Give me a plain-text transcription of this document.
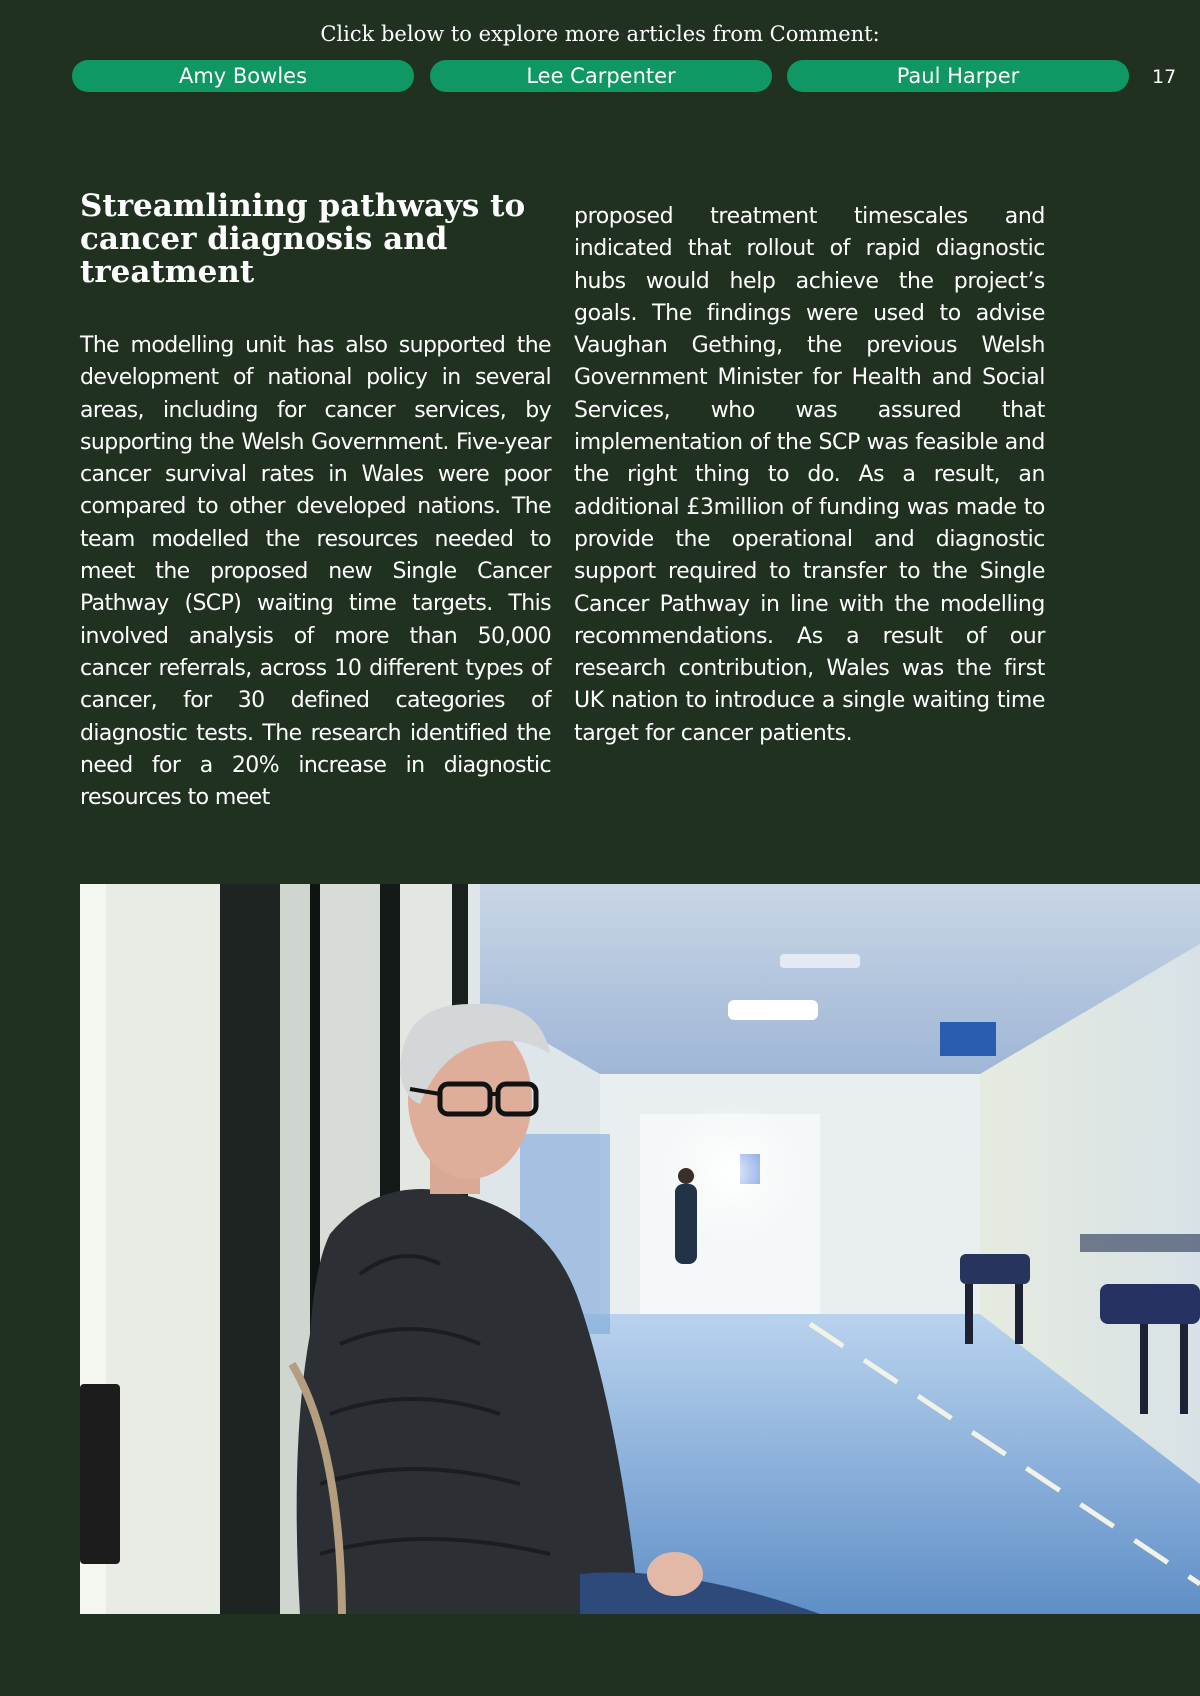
Click below to explore more articles from Comment:
Amy Bowles	Lee Carpenter	Paul Harper	17
Streamlining pathways to cancer diagnosis and treatment

The modelling unit has also supported the development of national policy in several areas, including for cancer services, by supporting the Welsh Government. Five-year cancer survival rates in Wales were poor compared to other developed nations. The team modelled the resources needed to meet the proposed new Single Cancer Pathway (SCP) waiting time targets. This involved analysis of more than 50,000 cancer referrals, across 10 different types of cancer, for 30 defined categories of diagnostic tests. The research identified the need for a 20% increase in diagnostic resources to meet

proposed treatment timescales and indicated that rollout of rapid diagnostic hubs would help achieve the project’s goals. The findings were used to advise Vaughan Gething, the previous Welsh Government Minister for Health and Social Services, who was assured that implementation of the SCP was feasible and the right thing to do. As a result, an additional £3million of funding was made to provide the operational and diagnostic support required to transfer to the Single Cancer Pathway in line with the modelling recommendations. As a result of our research contribution, Wales was the first UK nation to introduce a single waiting time target for cancer patients.
